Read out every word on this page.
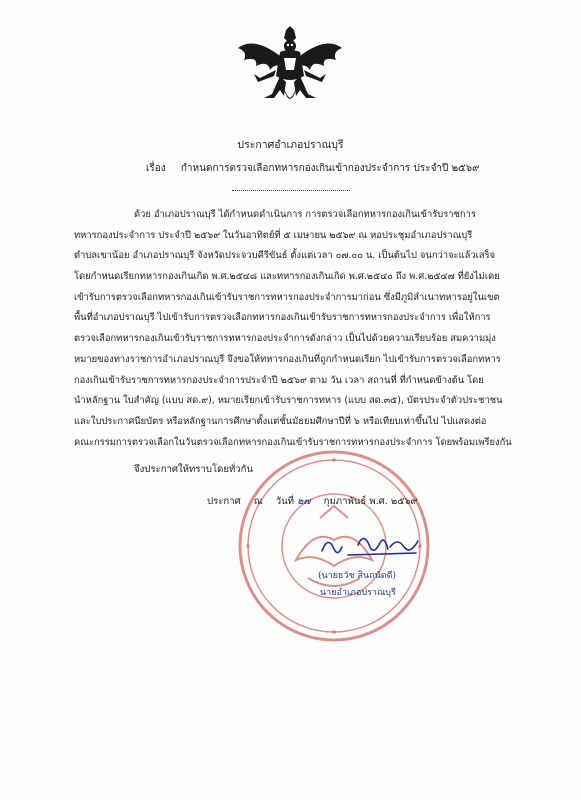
ประกาศอำเภอปราณบุรี
เรื่อง กำหนดการตรวจเลือกทหารกองเกินเข้ากองประจำการ ประจำปี ๒๕๖๙
ด้วย อำเภอปราณบุรี ได้กำหนดดำเนินการ การตรวจเลือกทหารกองเกินเข้ารับราชการ
ทหารกองประจำการ ประจำปี ๒๕๖๙ ในวันอาทิตย์ที่ ๕ เมษายน ๒๕๖๙ ณ หอประชุมอำเภอปราณบุรี
ตำบลเขาน้อย อำเภอปราณบุรี จังหวัดประจวบคีรีขันธ์ ตั้งแต่เวลา ๐๗.๐๐ น. เป็นต้นไป จนกว่าจะแล้วเสร็จ
โดยกำหนดเรียกทหารกองเกินเกิด พ.ศ.๒๕๔๘ และทหารกองเกินเกิด พ.ศ.๒๕๔๐ ถึง พ.ศ.๒๕๔๗ ที่ยังไม่เคย
เข้ารับการตรวจเลือกทหารกองเกินเข้ารับราชการทหารกองประจำการมาก่อน ซึ่งมีภูมิลำเนาทหารอยู่ในเขต
พื้นที่อำเภอปราณบุรี ไปเข้ารับการตรวจเลือกทหารกองเกินเข้ารับราชการทหารกองประจำการ เพื่อให้การ
ตรวจเลือกทหารกองเกินเข้ารับราชการทหารกองประจำการดังกล่าว เป็นไปด้วยความเรียบร้อย สมความมุ่ง
หมายของทางราชการอำเภอปราณบุรี จึงขอให้ทหารกองเกินที่ถูกกำหนดเรียก ไปเข้ารับการตรวจเลือกทหาร
กองเกินเข้ารับราชการทหารกองประจำการประจำปี ๒๕๖๙ ตาม วัน เวลา สถานที่ ที่กำหนดข้างต้น โดย
นำหลักฐาน ใบสำคัญ (แบบ สด.๙), หมายเรียกเข้ารับราชการทหาร (แบบ สด.๓๕), บัตรประจำตัวประชาชน
และใบประกาศนียบัตร หรือหลักฐานการศึกษาตั้งแต่ชั้นมัธยมศึกษาปีที่ ๖ หรือเทียบเท่าขึ้นไป ไปแสดงต่อ
คณะกรรมการตรวจเลือกในวันตรวจเลือกทหารกองเกินเข้ารับราชการทหารกองประจำการ โดยพร้อมเพรียงกัน
จึงประกาศให้ทราบโดยทั่วกัน
ประกาศ ณ วันที่ ๒๗ กุมภาพันธ์ พ.ศ. ๒๕๖๙
(นายธวัช สินถนัดดี)
นายอำเภอปราณบุรี
